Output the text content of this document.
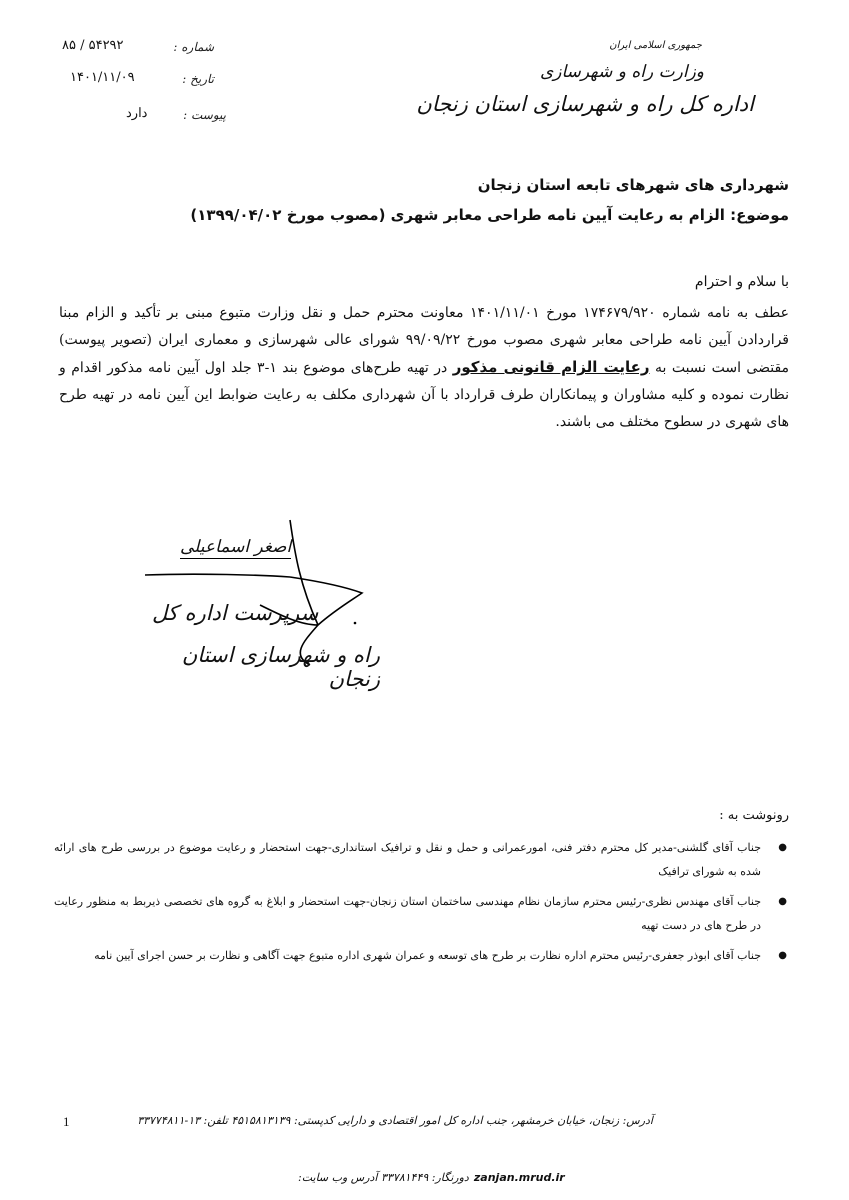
۸۵ / ۵۴۲۹۲	شماره :
۱۴۰۱/۱۱/۰۹	تاریخ :
دارد	پیوست :
جمهوری اسلامی ایران
وزارت راه و شهرسازی
اداره کل راه و شهرسازی استان زنجان
شهرداری های شهرهای تابعه استان زنجان
موضوع: الزام به رعایت آیین نامه طراحی معابر شهری (مصوب مورخ ۱۳۹۹/۰۴/۰۲)
با سلام و احترام
عطف به نامه شماره ۱۷۴۶۷۹/۹۲۰ مورخ ۱۴۰۱/۱۱/۰۱ معاونت محترم حمل و نقل وزارت متبوع مبنی بر تأکید و الزام مبنا قراردادن آیین نامه طراحی معابر شهری مصوب مورخ ۹۹/۰۹/۲۲ شورای عالی شهرسازی و معماری ایران (تصویر پیوست) مقتضی است نسبت به رعایت الزام قانونی مذکور در تهیه طرح‌های موضوع بند ۱-۳ جلد اول آیین نامه مذکور اقدام و نظارت نموده و کلیه مشاوران و پیمانکاران طرف قرارداد با آن شهرداری مکلف به رعایت ضوابط این آیین نامه در تهیه طرح های شهری در سطوح مختلف می باشند.
اصغر اسماعیلی
سرپرست اداره کل
راه و شهرسازی استان زنجان
رونوشت به :
●
جناب آقای گلشنی-مدیر کل محترم دفتر فنی، امورعمرانی و حمل و نقل و ترافیک استانداری-جهت استحضار و رعایت موضوع در بررسی طرح های ارائه شده به شورای ترافیک
●
جناب آقای مهندس نظری-رئیس محترم سازمان نظام مهندسی ساختمان استان زنجان-جهت استحضار و ابلاغ به گروه های تخصصی ذیربط به منظور رعایت در طرح های در دست تهیه
●
جناب آقای ابوذر جعفری-رئیس محترم اداره نظارت بر طرح های توسعه و عمران شهری اداره متبوع جهت آگاهی و نظارت بر حسن اجرای آیین نامه
1	آدرس: زنجان، خیابان خرمشهر، جنب اداره کل امور اقتصادی و دارایی کدپستی: ۴۵۱۵۸۱۳۱۳۹ تلفن: ۱۳-۳۳۷۷۴۸۱۱
zanjan.mrud.ir دورنگار: ۳۳۷۸۱۴۴۹ آدرس وب سایت:
